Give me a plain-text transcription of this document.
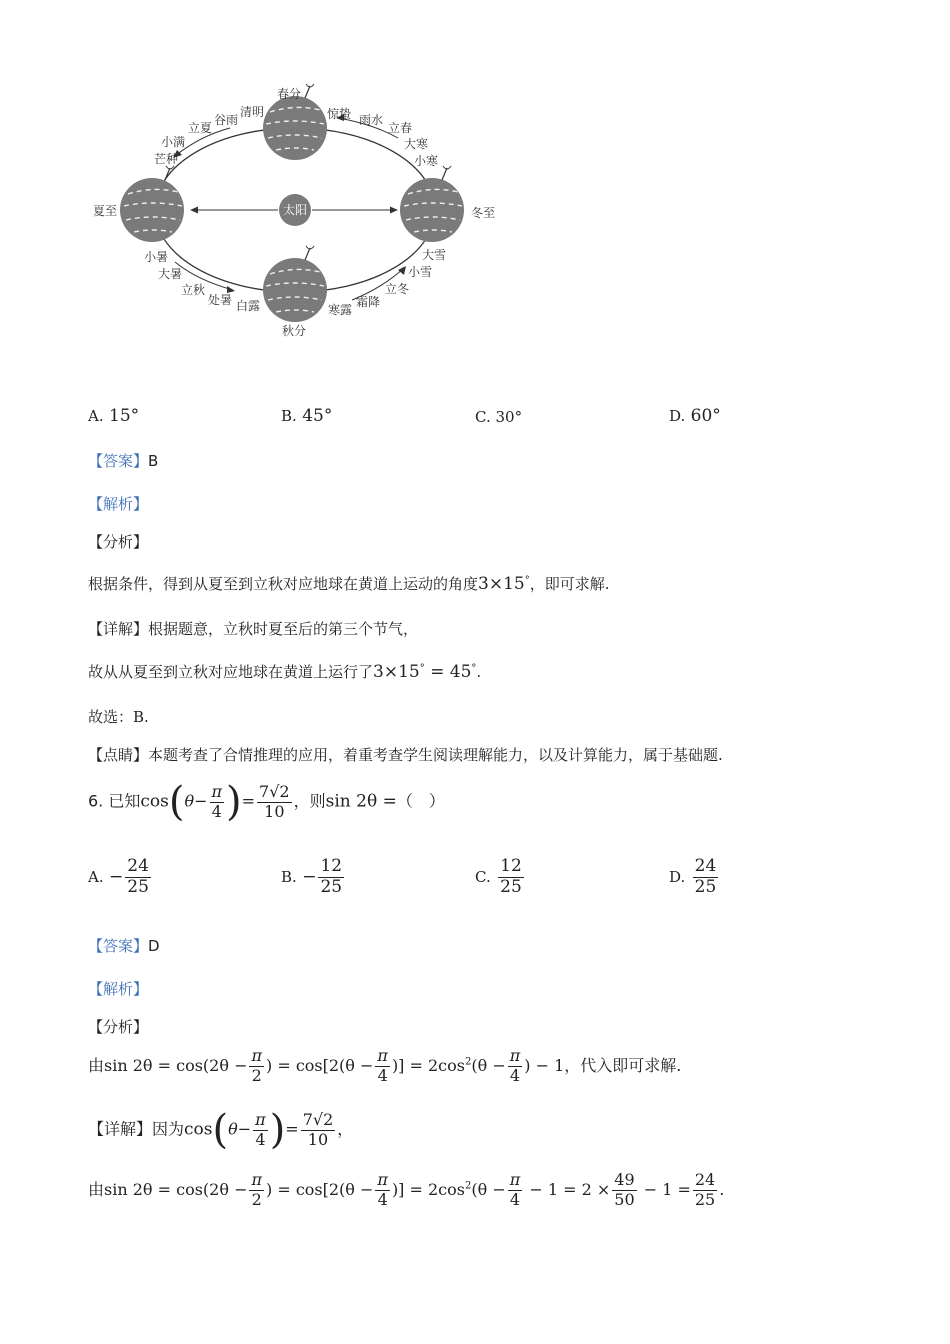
太阳
春分
夏至	冬至
秋分
清明
谷雨
立夏
小满
芒种
惊蛰 雨水
立春
大寒
小寒
小暑
大暑
立秋
处暑 白露	寒露
霜降
立冬
小雪
大雪
A. 15°	B. 45°	C. 30°	D. 60°
【答案】B
【解析】
【分析】
根据条件，得到从夏至到立秋对应地球在黄道上运动的角度3×15°，即可求解.
【详解】根据题意，立秋时夏至后的第三个节气，
故从从夏至到立秋对应地球在黄道上运行了3×15° = 45°.
故选：B.
【点睛】本题考查了合情推理的应用，着重考查学生阅读理解能力，以及计算能力，属于基础题.
6. 已知$\cos(\theta- \frac{\pi}{4}$ )= $\frac{7√2}{10}$ ，则sin 2θ =（　）
A. − $\frac{24}{25}$	B. − $\frac{12}{25}$	C. $\frac{12}{25}$	D. $\frac{24}{25}$
【答案】D
【解析】
【分析】
由$\sin 2\theta = \cos(2\theta - \frac{\pi}{2}$ ) = $\cos[2(\theta - \frac{\pi}{4}$ )] = $2\cos^2(\theta - \frac{\pi}{4}$ ) − 1，代入即可求解.
【详解】因为$\cos(\theta- \frac{\pi}{4}$ )= $\frac{7√2}{10}$ ，
由$\sin 2\theta = \cos(2\theta - \frac{\pi}{2}$ ) = $\cos[2(\theta - \frac{\pi}{4}$ )] = $2\cos^2(\theta - \frac{\pi}{4} - 1 = 2 \times \frac{49}{50} - 1 = \frac{24}{25}$ .
